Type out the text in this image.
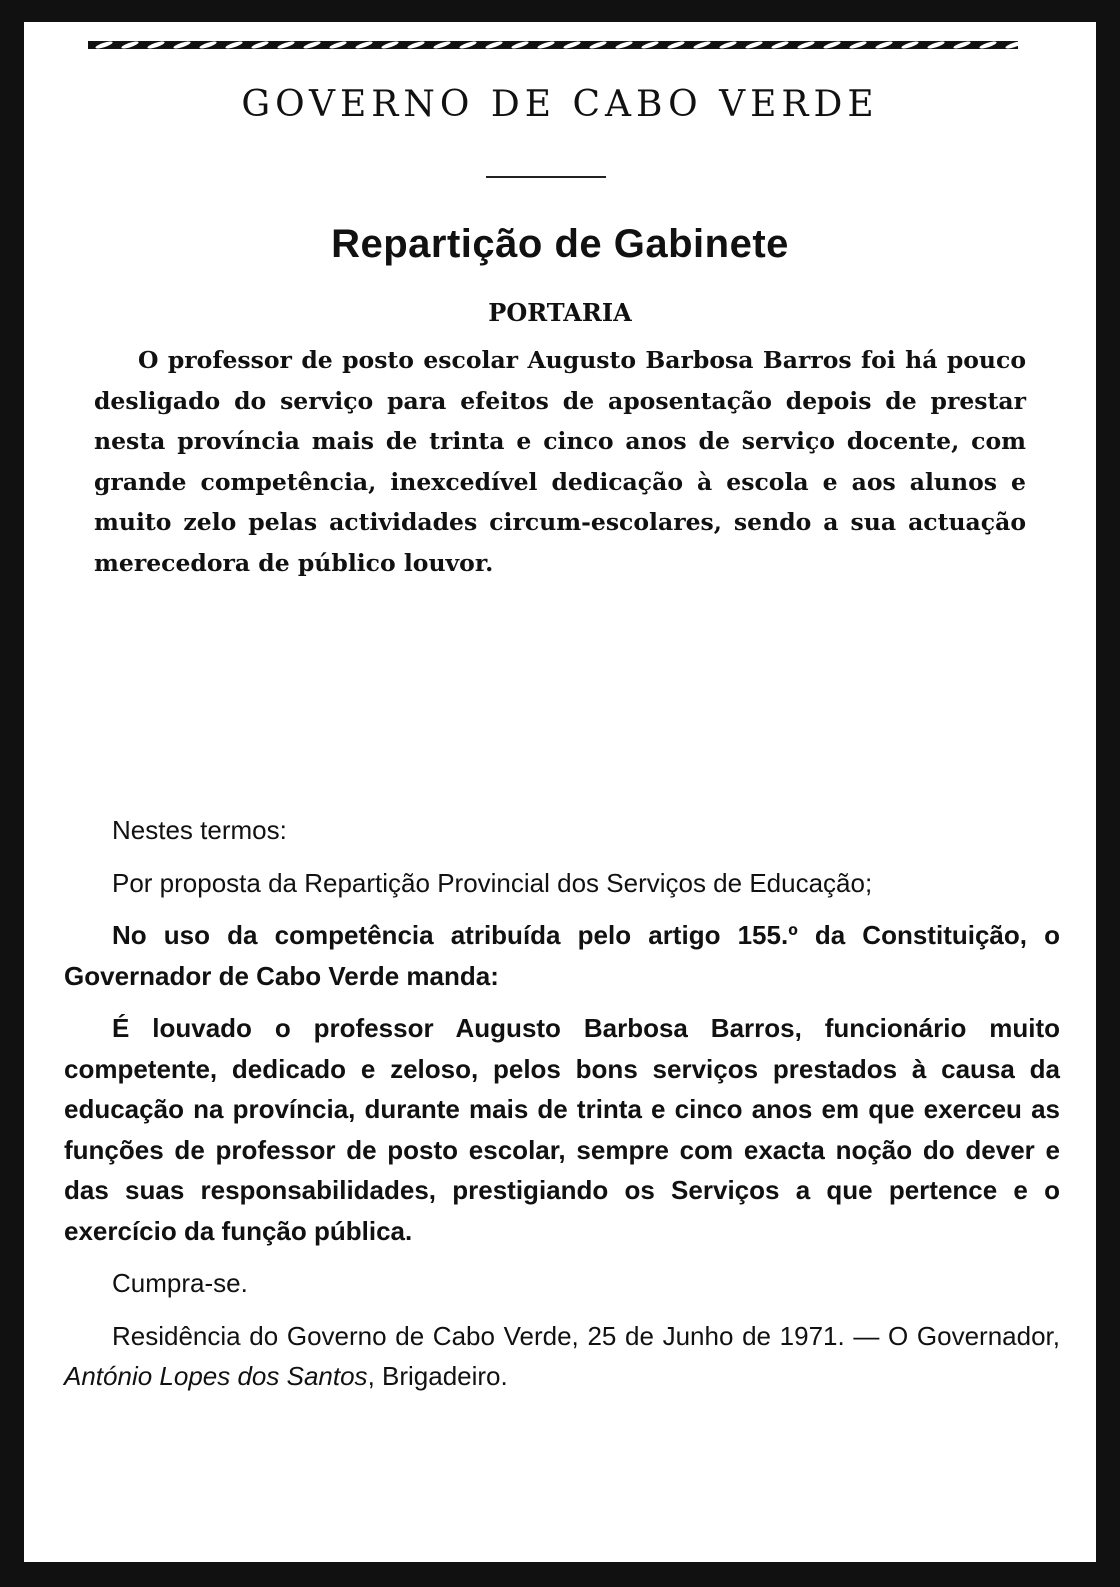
GOVERNO DE CABO VERDE
Repartição de Gabinete
PORTARIA
O professor de posto escolar Augusto Barbosa Barros foi há pouco desligado do serviço para efeitos de aposentação depois de prestar nesta província mais de trinta e cinco anos de serviço docente, com grande competência, inexcedível dedicação à escola e aos alunos e muito zelo pelas actividades circum-escolares, sendo a sua actuação merecedora de público louvor.

Nestes termos:

Por proposta da Repartição Provincial dos Serviços de Educação;

No uso da competência atribuída pelo artigo 155.º da Constituição, o Governador de Cabo Verde manda:

É louvado o professor Augusto Barbosa Barros, funcionário muito competente, dedicado e zeloso, pelos bons serviços prestados à causa da educação na província, durante mais de trinta e cinco anos em que exerceu as funções de professor de posto escolar, sempre com exacta noção do dever e das suas responsabilidades, prestigiando os Serviços a que pertence e o exercício da função pública.

Cumpra-se.

Residência do Governo de Cabo Verde, 25 de Junho de 1971. — O Governador, António Lopes dos Santos, Brigadeiro.
